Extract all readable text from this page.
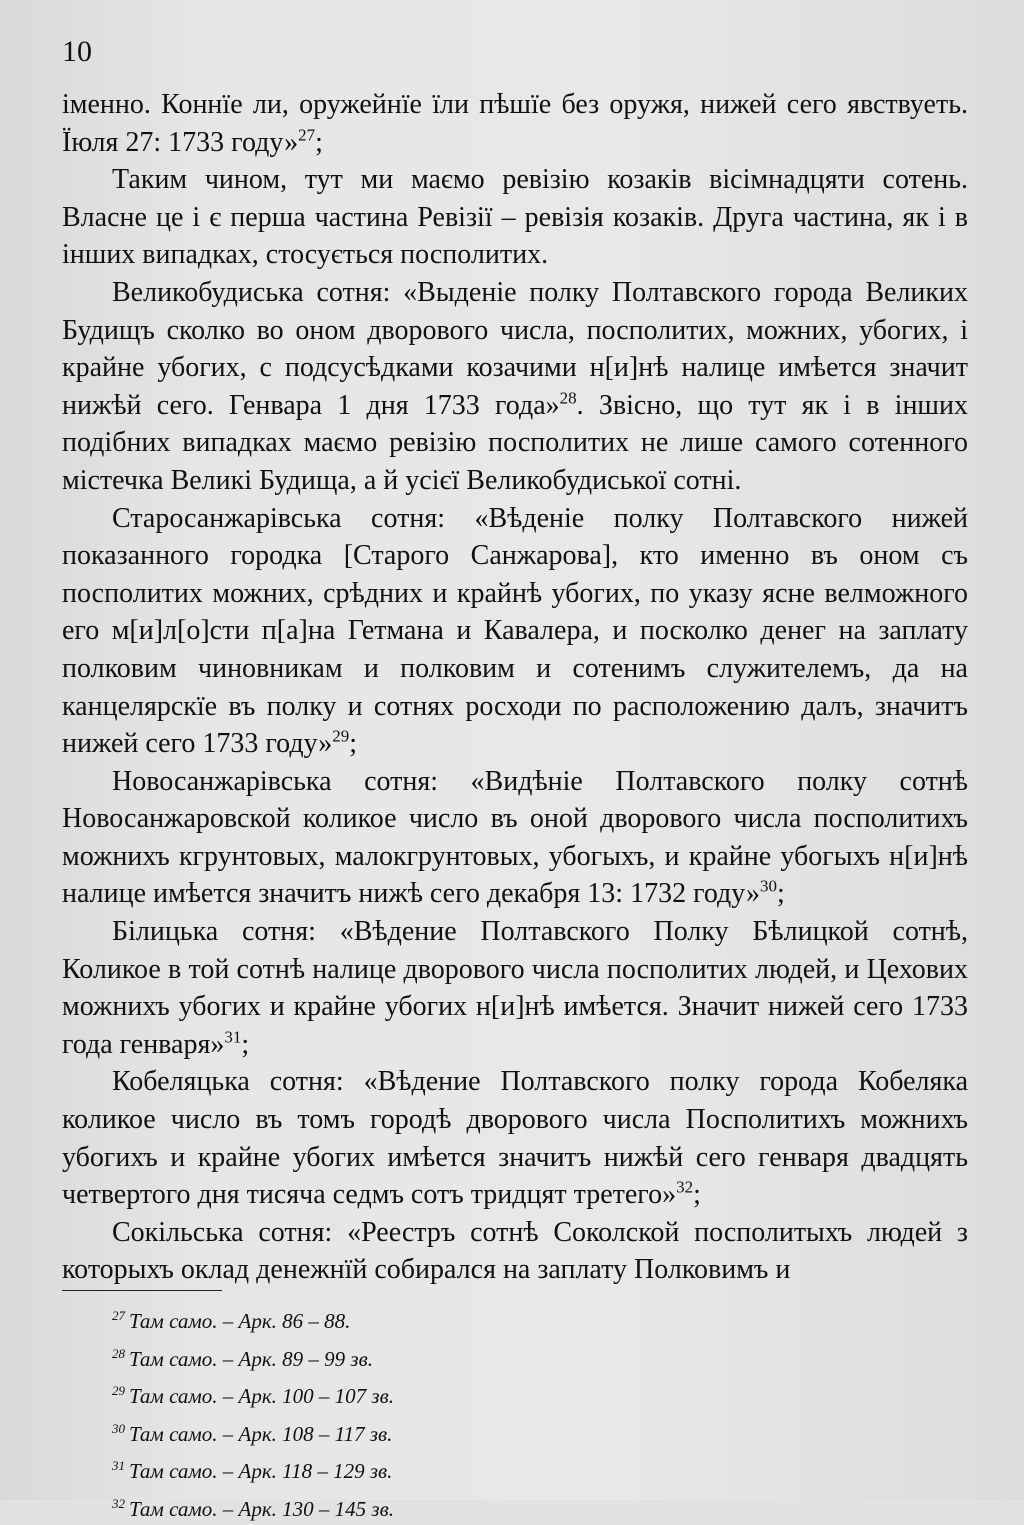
10

іменно. Коннїе ли, оружейнїе їли пѣшїе без оружя, нижей сего явствуеть. Їюля 27: 1733 году»$^{27}$;

Таким чином, тут ми маємо ревізію козаків вісімнадцяти сотень. Власне це і є перша частина Ревізії – ревізія козаків. Друга частина, як і в інших випадках, стосується посполитих.

Великобудиська сотня: «Выденіе полку Полтавского города Великих Будищъ сколко во оном дворового числа, посполитих, можних, убогих, і крайне убогих, с подсусѣдками козачими н[и]нѣ налице имѣется значит нижѣй сего. Генвара 1 дня 1733 года»$^{28}$. Звісно, що тут як і в інших подібних випадках маємо ревізію посполитих не лише самого сотенного містечка Великі Будища, а й усієї Великобудиської сотні.

Старосанжарівська сотня: «Вѣденіе полку Полтавского нижей показанного городка [Старого Санжарова], кто именно въ оном съ посполитих можних, срѣдних и крайнѣ убогих, по указу ясне велможного его м[и]л[о]сти п[а]на Гетмана и Кавалера, и посколко денег на заплату полковим чиновникам и полковим и сотенимъ служителемъ, да на канцелярскїе въ полку и сотнях росходи по расположению далъ, значитъ нижей сего 1733 году»$^{29}$;

Новосанжарівська сотня: «Видѣніе Полтавского полку сотнѣ Новосанжаровской коликое число въ оной дворового числа посполитихъ можнихъ кгрунтовых, малокгрунтовых, убогыхъ, и крайне убогыхъ н[и]нѣ налице имѣется значитъ нижѣ сего декабря 13: 1732 году»$^{30}$;

Білицька сотня: «Вѣдение Полтавского Полку Бѣлицкой сотнѣ, Коликое в той сотнѣ налице дворового числа посполитих людей, и Цехових можнихъ убогих и крайне убогих н[и]нѣ имѣется. Значит нижей сего 1733 года генваря»$^{31}$;

Кобеляцька сотня: «Вѣдение Полтавского полку города Кобеляка коликое число въ томъ городѣ дворового числа Посполитихъ можнихъ убогихъ и крайне убогих имѣется значитъ нижѣй сего генваря двадцять четвертого дня тисяча седмъ сотъ тридцят третего»$^{32}$;

Сокільська сотня: «Реестръ сотнѣ Соколской посполитыхъ людей з которыхъ оклад денежнїй собирался на заплату Полковимъ и

$^{27}$ Там само. – Арк. 86 – 88.
$^{28}$ Там само. – Арк. 89 – 99 зв.
$^{29}$ Там само. – Арк. 100 – 107 зв.
$^{30}$ Там само. – Арк. 108 – 117 зв.
$^{31}$ Там само. – Арк. 118 – 129 зв.
$^{32}$ Там само. – Арк. 130 – 145 зв.
